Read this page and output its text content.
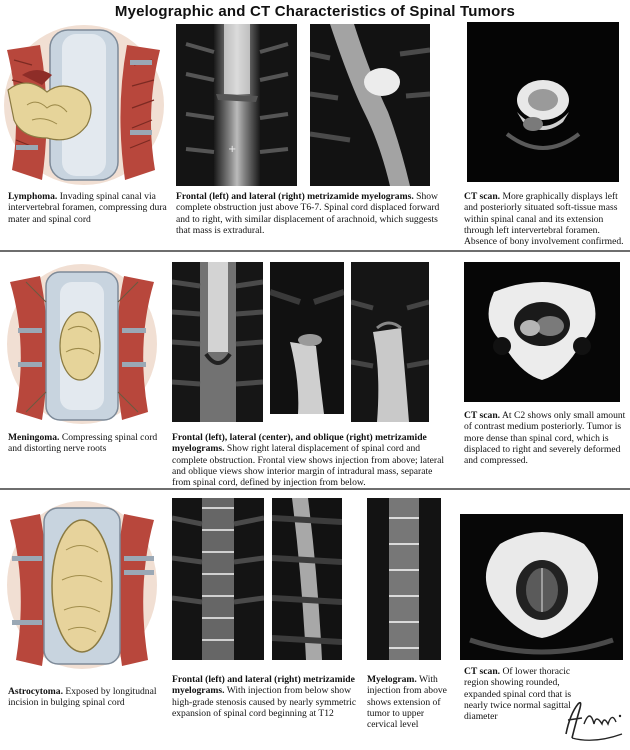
Myelographic and CT Characteristics of Spinal Tumors
+
Lymphoma. Invading spinal canal via intervertebral foramen, compressing dura mater and spinal cord
Frontal (left) and lateral (right) metrizamide myelograms. Show complete obstruction just above T6-7. Spinal cord displaced forward and to right, with similar displacement of arachnoid, which suggests that mass is extradural.
CT scan. More graphically displays left and posteriorly situated soft-tissue mass within spinal canal and its extension through left intervertebral foramen. Absence of bony involvement confirmed.
Meningoma. Compressing spinal cord and distorting nerve roots
Frontal (left), lateral (center), and oblique (right) metrizamide myelograms. Show right lateral displacement of spinal cord and complete obstruction. Frontal view shows injection from above; lateral and oblique views show interior margin of intradural mass, separate from spinal cord, defined by injection from below.
CT scan. At C2 shows only small amount of contrast medium posteriorly. Tumor is more dense than spinal cord, which is displaced to right and severely deformed and compressed.
Astrocytoma. Exposed by longitudnal incision in bulging spinal cord
Frontal (left) and lateral (right) metrizamide myelograms. With injection from below show high-grade stenosis caused by nearly symmetric expansion of spinal cord beginning at T12
Myelogram. With injection from above shows extension of tumor to upper cervical level
CT scan. Of lower thoracic region showing rounded, expanded spinal cord that is nearly twice normal sagittal diameter
